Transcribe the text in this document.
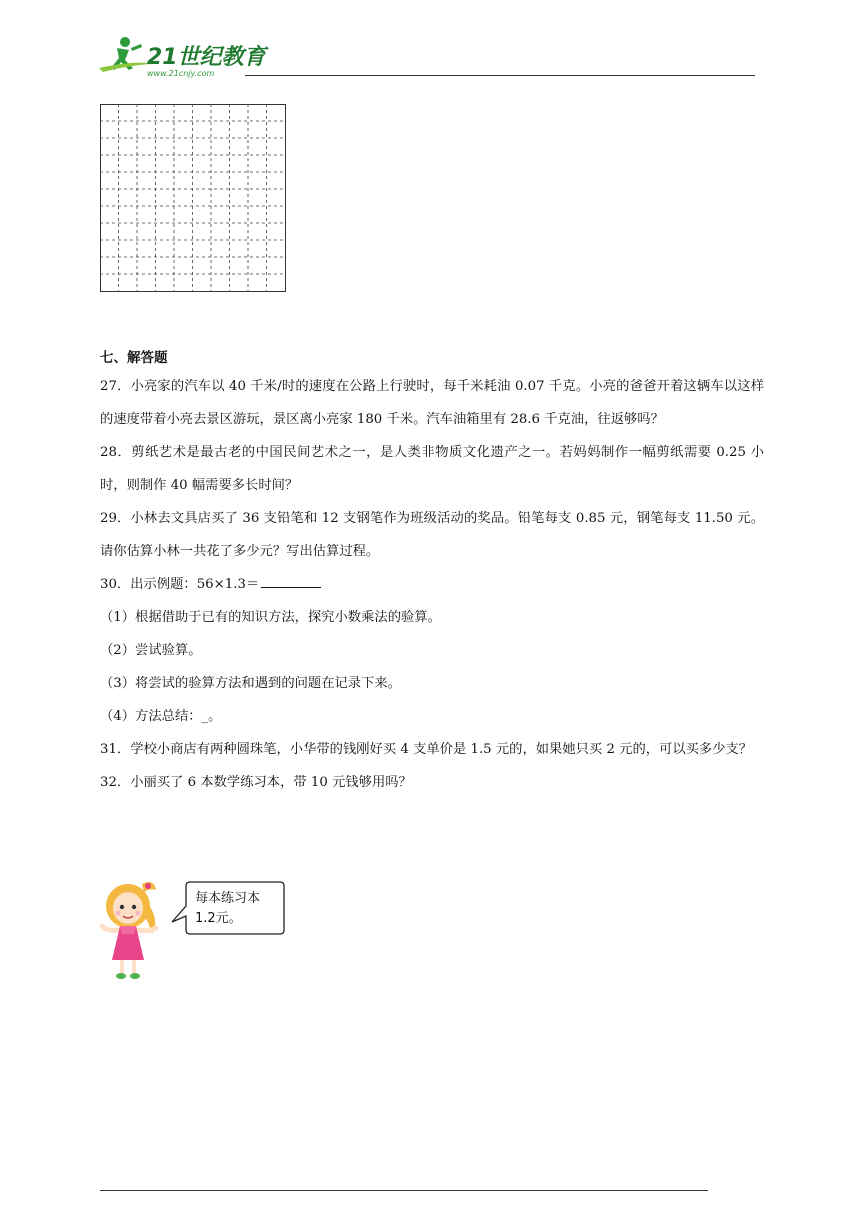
21世纪教育
www.21cnjy.com

七、解答题

27．小亮家的汽车以 40 千米/时的速度在公路上行驶时，每千米耗油 0.07 千克。小亮的爸爸开着这辆车以这样的速度带着小亮去景区游玩，景区离小亮家 180 千米。汽车油箱里有 28.6 千克油，往返够吗？

28．剪纸艺术是最古老的中国民间艺术之一，是人类非物质文化遗产之一。若妈妈制作一幅剪纸需要 0.25 小时，则制作 40 幅需要多长时间？

29．小林去文具店买了 36 支铅笔和 12 支钢笔作为班级活动的奖品。铅笔每支 0.85 元，钢笔每支 11.50 元。请你估算小林一共花了多少元？写出估算过程。

30．出示例题：56×1.3＝

（1）根据借助于已有的知识方法，探究小数乘法的验算。

（2）尝试验算。

（3）将尝试的验算方法和遇到的问题在记录下来。

（4）方法总结：_。

31．学校小商店有两种圆珠笔，小华带的钱刚好买 4 支单价是 1.5 元的，如果她只买 2 元的，可以买多少支？

32．小丽买了 6 本数学练习本，带 10 元钱够用吗？

每本练习本
1.2元。
